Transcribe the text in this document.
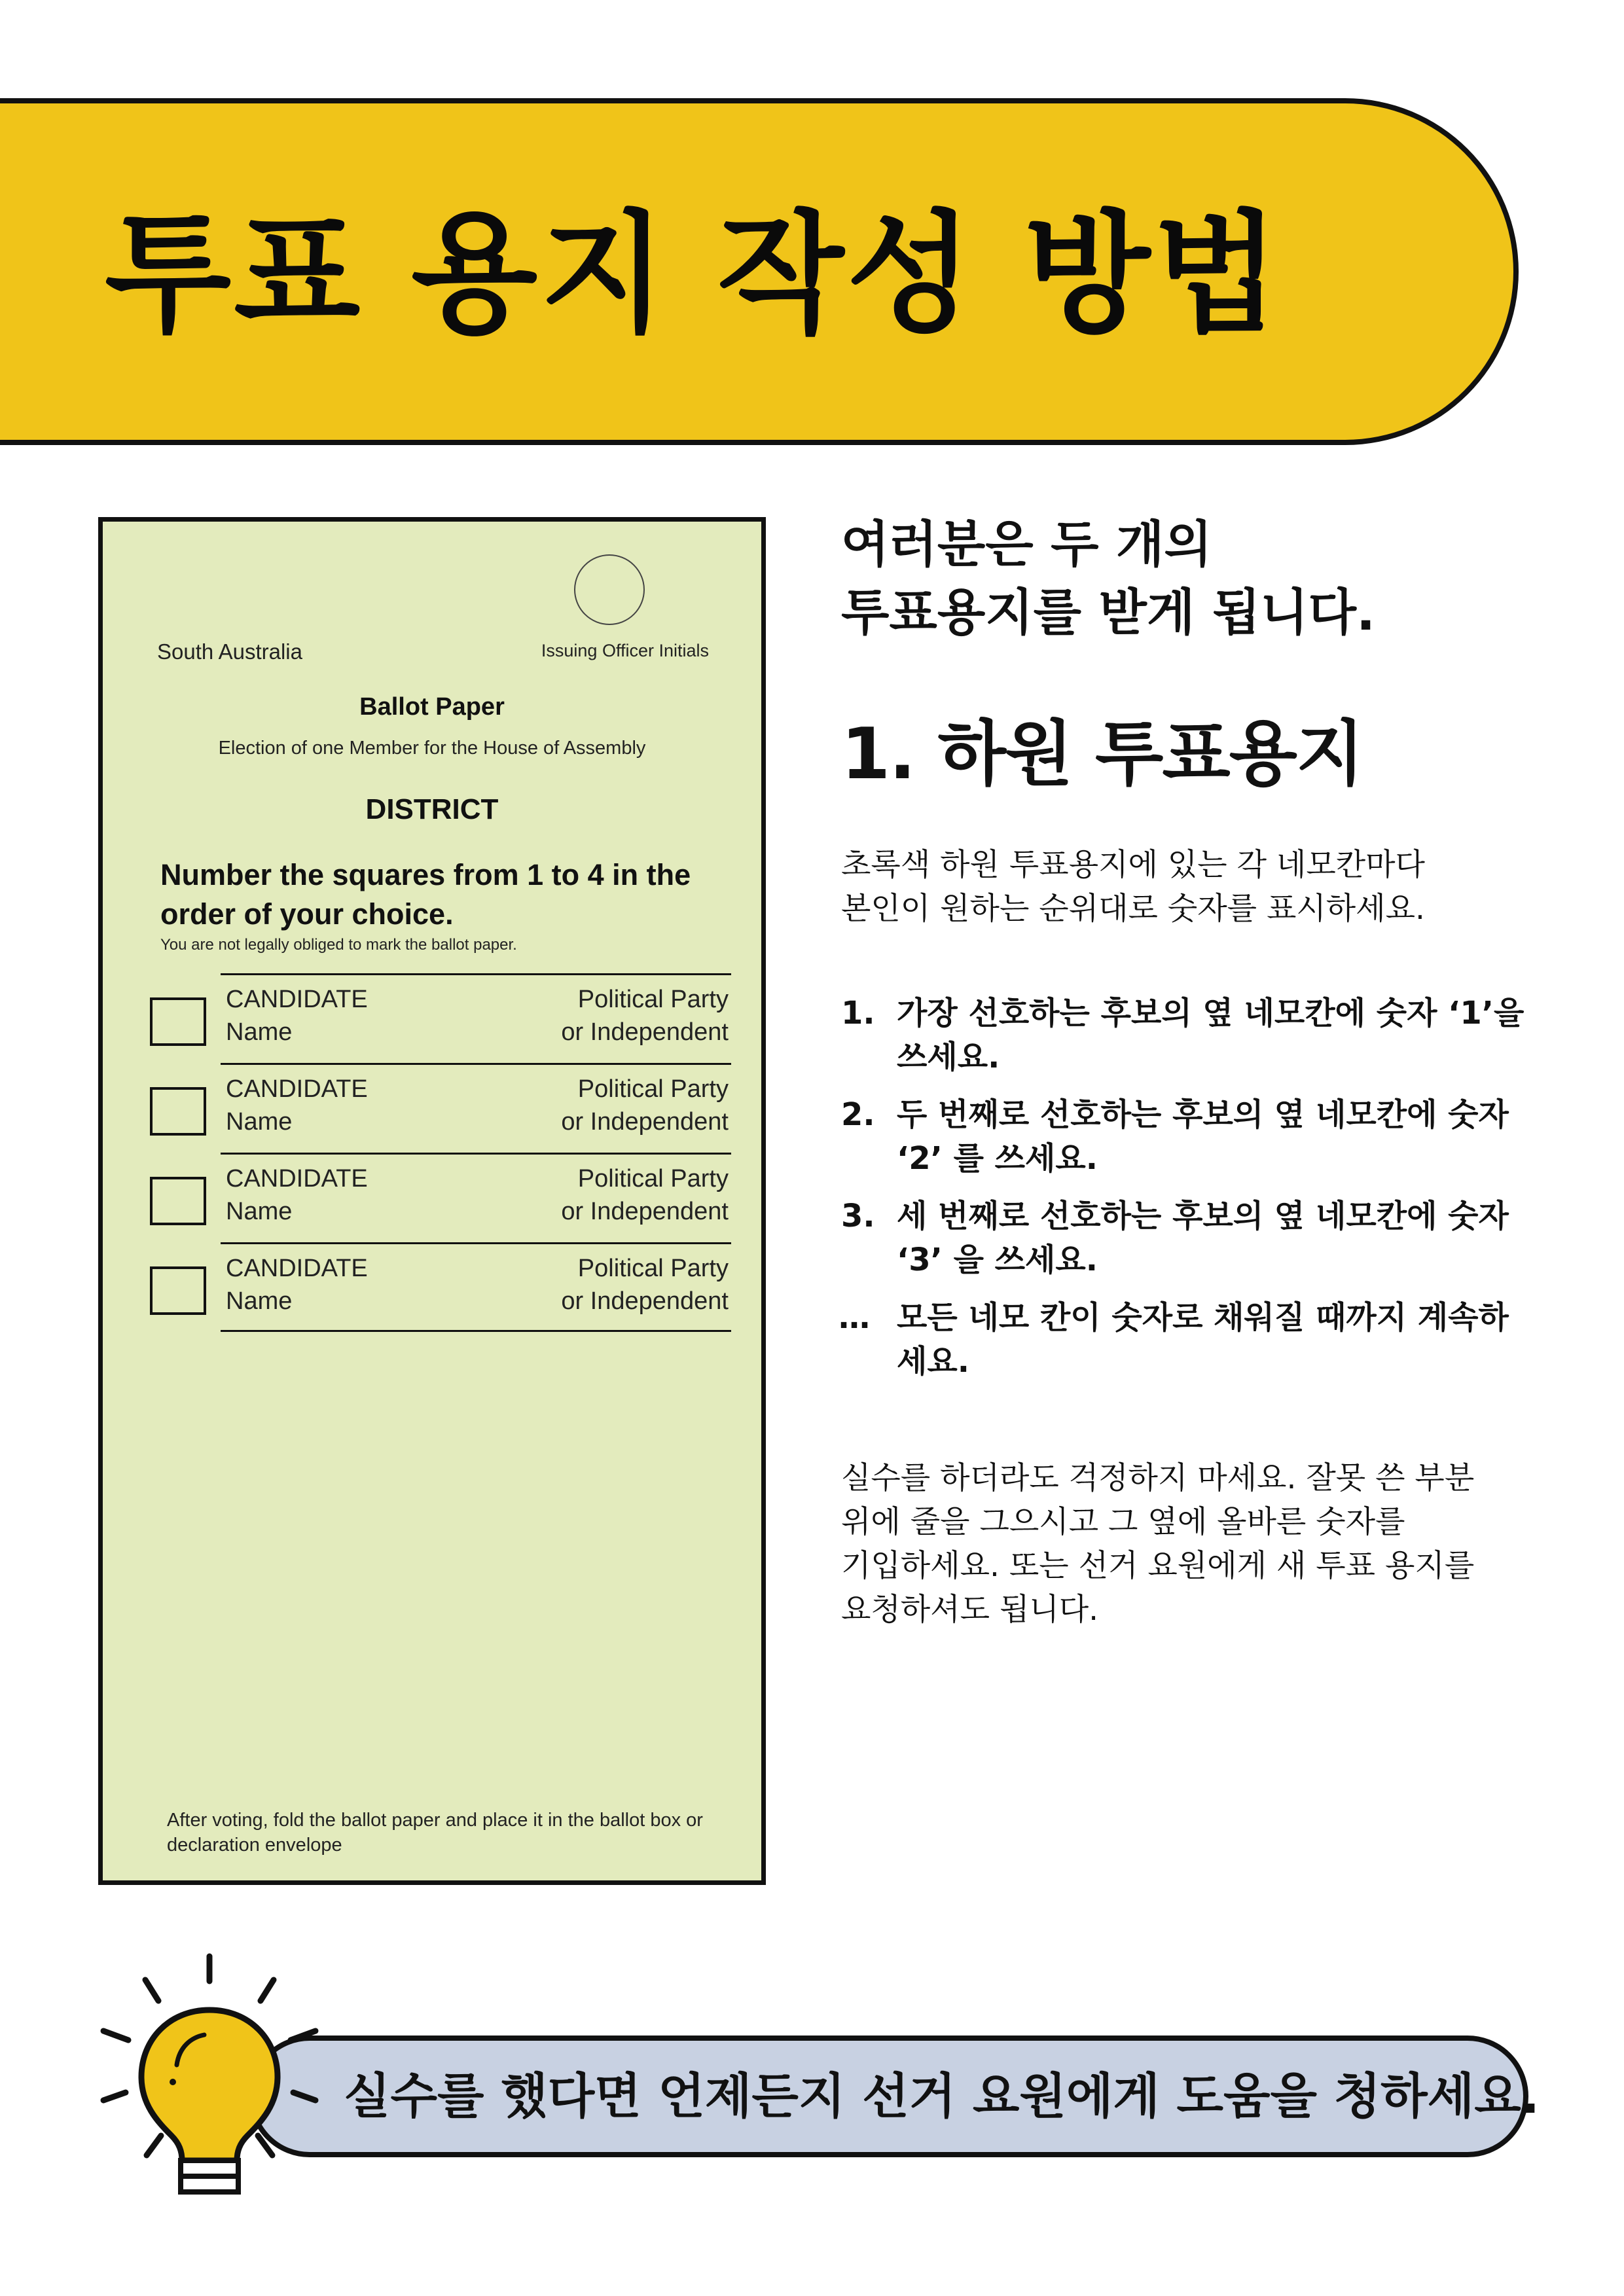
투표 용지 작성 방법
South Australia	Issuing Officer Initials
Ballot Paper
Election of one Member for the House of Assembly
DISTRICT
Number the squares from 1 to 4 in the order of your choice.
You are not legally obliged to mark the ballot paper.
CANDIDATE
Name
Political Party
or Independent
CANDIDATE
Name
Political Party
or Independent
CANDIDATE
Name
Political Party
or Independent
CANDIDATE
Name
Political Party
or Independent
After voting, fold the ballot paper and place it in the ballot box or declaration envelope
여러분은 두 개의
투표용지를 받게 됩니다.
1. 하원 투표용지
초록색 하원 투표용지에 있는 각 네모칸마다
본인이 원하는 순위대로 숫자를 표시하세요.
1. 가장 선호하는 후보의 옆 네모칸에 숫자 ‘1’을 쓰세요.
2. 두 번째로 선호하는 후보의 옆 네모칸에 숫자 ‘2’ 를 쓰세요.
3. 세 번째로 선호하는 후보의 옆 네모칸에 숫자 ‘3’ 을 쓰세요.
… 모든 네모 칸이 숫자로 채워질 때까지 계속하세요.
실수를 하더라도 걱정하지 마세요. 잘못 쓴 부분
위에 줄을 그으시고 그 옆에 올바른 숫자를
기입하세요. 또는 선거 요원에게 새 투표 용지를
요청하셔도 됩니다.
실수를 했다면 언제든지 선거 요원에게 도움을 청하세요.
